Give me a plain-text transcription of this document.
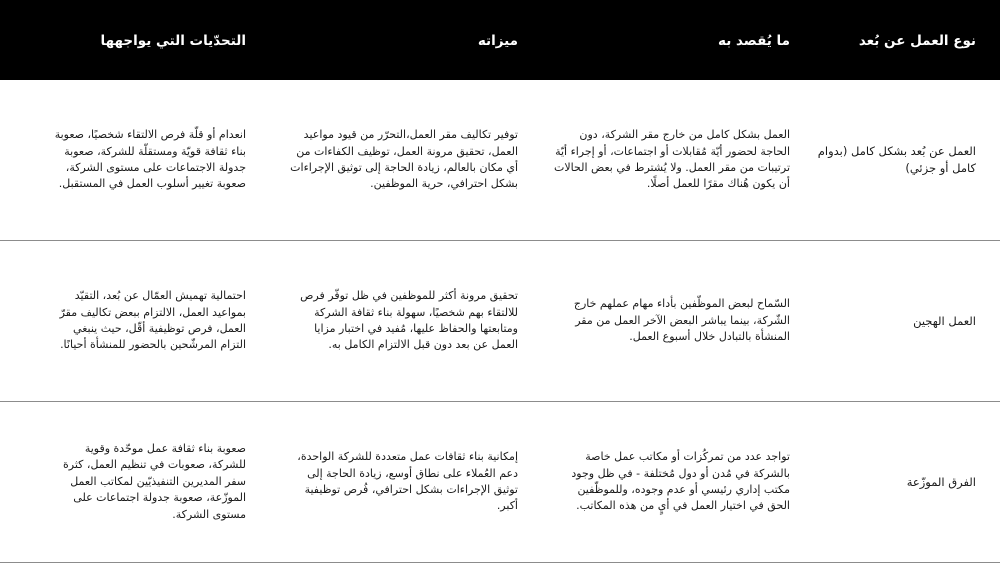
نوع العمل عن بُعد
ما يُقصد به
ميزاته
التحدّيات التي يواجهها
العمل عن بُعد بشكل كامل (بدوام كامل أو جزئي)
العمل بشكل كامل من خارج مقر الشركة، دون الحاجة لحضور أيّة مُقابلات أو اجتماعات، أو إجراء أيّة ترتيبات من مقر العمل. ولا يُشترط في بعض الحالات أن يكون هُناك مقرًا للعمل أصلًا.
توفير تكاليف مقر العمل،التحرّر من قيود مواعيد العمل، تحقيق مرونة العمل، توظيف الكفاءات من أي مكان بالعالم، زيادة الحاجة إلى توثيق الإجراءات بشكل احترافي، حرية الموظفين.
انعدام أو قلّة فرص الالتقاء شخصيًا، صعوبة بناء ثقافة قويّة ومستقلّة للشركة، صعوبة جدولة الاجتماعات على مستوى الشركة، صعوبة تغيير أسلوب العمل في المستقبل.
العمل الهجين
السّماح لبعض الموظّفين بأداء مهام عملهم خارج الشّركة، بينما يباشر البعض الآخر العمل من مقر المنشأة بالتبادل خلال أسبوع العمل.
تحقيق مرونة أكثر للموظفين في ظل توفّر فرص للالتقاء بهم شخصيًا، سهولة بناء ثقافة الشركة ومتابعتها والحفاظ عليها، مُفيد في اختبار مزايا العمل عن بعد دون قبل الالتزام الكامل به.
احتمالية تهميش العمّال عن بُعد، التقيّد بمواعيد العمل، الالتزام ببعض تكاليف مقرّ العمل، فرص توظيفية أقّل، حيث ينبغي التزام المرشّحين بالحضور للمنشأة أحيانًا.
الفرق الموزّعة
تواجد عدد من تمركُزات أو مكاتب عمل خاصة بالشركة في مُدن أو دول مُختلفة - في ظل وجود مكتب إداري رئيسي أو عدم وجوده، وللموظّفين الحق في اختيار العمل في أيٍ من هذه المكاتب.
إمكانية بناء ثقافات عمل متعددة للشركة الواحدة، دعم العُملاء على نطاق أوسع، زيادة الحاجة إلى توثيق الإجراءات بشكل احترافي، فُرص توظيفية أكبر.
صعوبة بناء ثقافة عمل موحّدة وقوية للشركة، صعوبات في تنظيم العمل، كثرة سفر المديرين التنفيذيّين لمكاتب العمل الموزّعة، صعوبة جدولة اجتماعات على مستوى الشركة.
